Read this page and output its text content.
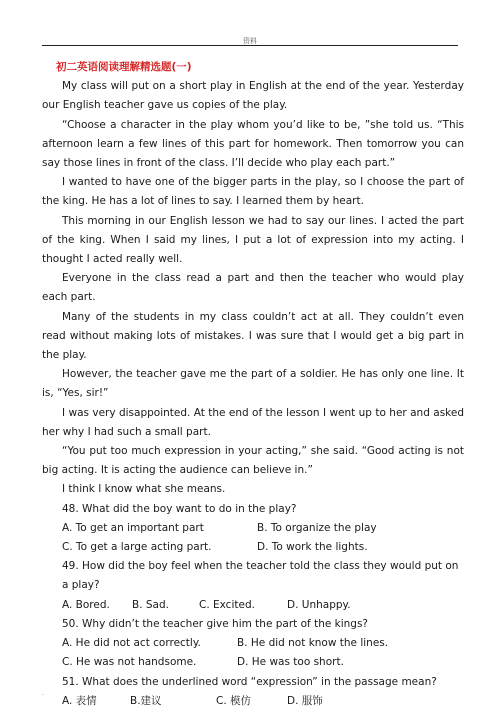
资料

初二英语阅读理解精选题(一)

My class will put on a short play in English at the end of the year. Yesterday our English teacher gave us copies of the play.

“Choose a character in the play whom you’d like to be, ”she told us. “This afternoon learn a few lines of this part for homework. Then tomorrow you can say those lines in front of the class. I’ll decide who play each part.”

I wanted to have one of the bigger parts in the play, so I choose the part of the king. He has a lot of lines to say. I learned them by heart.

This morning in our English lesson we had to say our lines. I acted the part of the king. When I said my lines, I put a lot of expression into my acting. I thought I acted really well.

Everyone in the class read a part and then the teacher who would play each part.

Many of the students in my class couldn’t act at all. They couldn’t even read without making lots of mistakes. I was sure that I would get a big part in the play.

However, the teacher gave me the part of a soldier. He has only one line. It is, “Yes, sir!”

I was very disappointed. At the end of the lesson I went up to her and asked her why I had such a small part.

“You put too much expression in your acting,” she said. “Good acting is not big acting. It is acting the audience can believe in.”

I think I know what she means.

48. What did the boy want to do in the play?

A. To get an important part	B. To organize the play
C. To get a large acting part.	D. To work the lights.

49. How did the boy feel when the teacher told the class they would put on a play?

A. Bored.	B. Sad.	C. Excited.	D. Unhappy.

50. Why didn’t the teacher give him the part of the kings?

A. He did not act correctly.	B. He did not know the lines.
C. He was not handsome.	D. He was too short.

51. What does the underlined word “expression” in the passage mean?

A. 表情	B.建议	C. 模仿	D. 服饰
.
